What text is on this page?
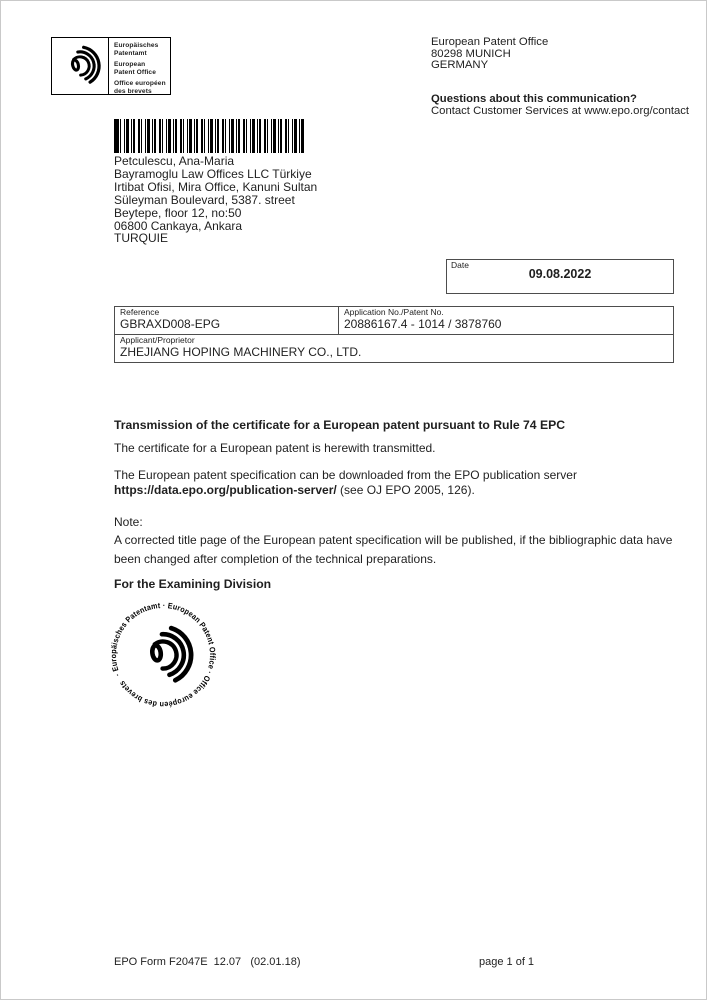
Europäisches
Patentamt
European
Patent Office
Office européen
des brevets
European Patent Office
80298 MUNICH
GERMANY
Questions about this communication?
Contact Customer Services at www.epo.org/contact
Petculescu, Ana-Maria
Bayramoglu Law Offices LLC Türkiye
Irtibat Ofisi, Mira Office, Kanuni Sultan
Süleyman Boulevard, 5387. street
Beytepe, floor 12, no:50
06800 Cankaya, Ankara
TURQUIE
Date
09.08.2022
Reference
GBRAXD008-EPG
Application No./Patent No.
20886167.4 - 1014 / 3878760
Applicant/Proprietor
ZHEJIANG HOPING MACHINERY CO., LTD.
Transmission of the certificate for a European patent pursuant to Rule 74 EPC
The certificate for a European patent is herewith transmitted.
The European patent specification can be downloaded from the EPO publication server
https://data.epo.org/publication-server/ (see OJ EPO 2005, 126).
Note:
A corrected title page of the European patent specification will be published, if the bibliographic data have been changed after completion of the technical preparations.
For the Examining Division
· Europäisches Patentamt · European Patent Office · Office européen des brevets
EPO Form F2047E  12.07   (02.01.18)	page 1 of 1
